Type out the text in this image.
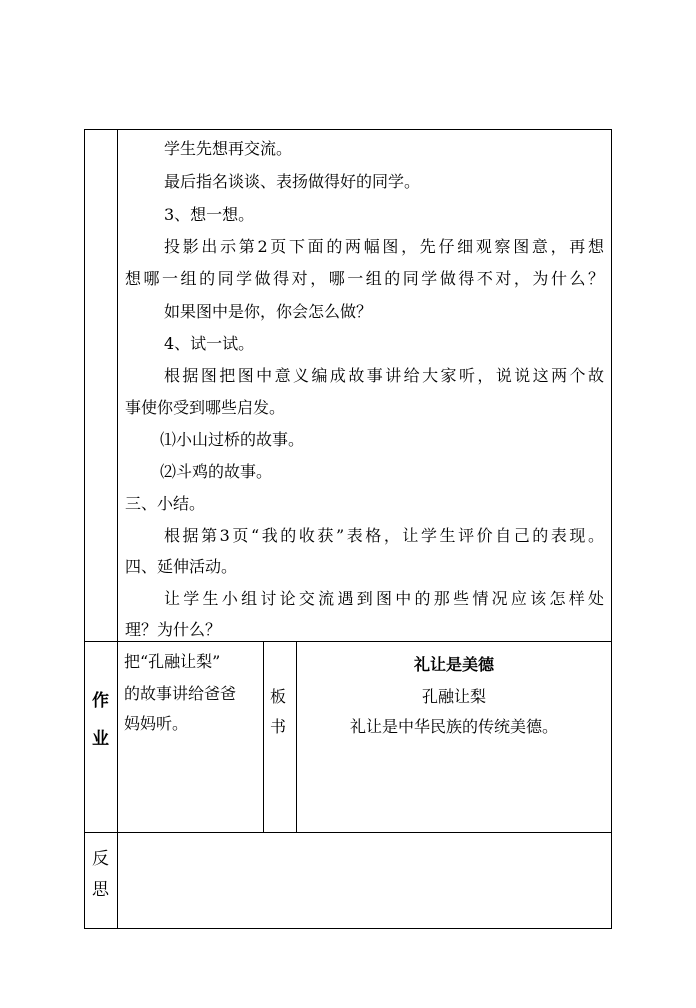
学生先想再交流。
最后指名谈谈、表扬做得好的同学。
3、想一想。
投影出示第2页下面的两幅图，先仔细观察图意，再想
想哪一组的同学做得对，哪一组的同学做得不对，为什么？
如果图中是你，你会怎么做？
4、试一试。
根据图把图中意义编成故事讲给大家听，说说这两个故
事使你受到哪些启发。
⑴小山过桥的故事。
⑵斗鸡的故事。
三、小结。
根据第3页“我的收获”表格，让学生评价自己的表现。
四、延伸活动。
让学生小组讨论交流遇到图中的那些情况应该怎样处
理？为什么？
作
业
把“孔融让梨”
的故事讲给爸爸
妈妈听。
板
书
礼让是美德
孔融让梨
礼让是中华民族的传统美德。
反
思
